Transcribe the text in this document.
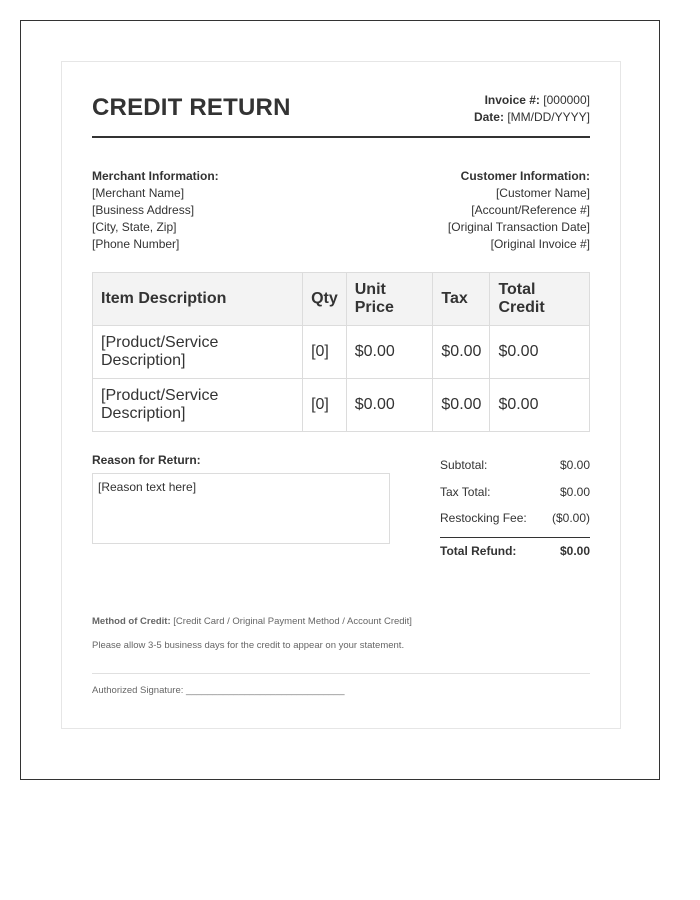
CREDIT RETURN	Invoice #: [000000]
Date: [MM/DD/YYYY]
Merchant Information:
[Merchant Name]
[Business Address]
[City, State, Zip]
[Phone Number]
Customer Information:
[Customer Name]
[Account/Reference #]
[Original Transaction Date]
[Original Invoice #]
Item Description	Qty	Unit Price	Tax	Total Credit
[Product/Service Description]	[0]	$0.00	$0.00	$0.00
[Product/Service Description]	[0]	$0.00	$0.00	$0.00
Reason for Return:
[Reason text here]
Subtotal:	$0.00
Tax Total:	$0.00
Restocking Fee: ($0.00)
Total Refund:	$0.00
Method of Credit: [Credit Card / Original Payment Method / Account Credit]
Please allow 3-5 business days for the credit to appear on your statement.
Authorized Signature: ______________________________
